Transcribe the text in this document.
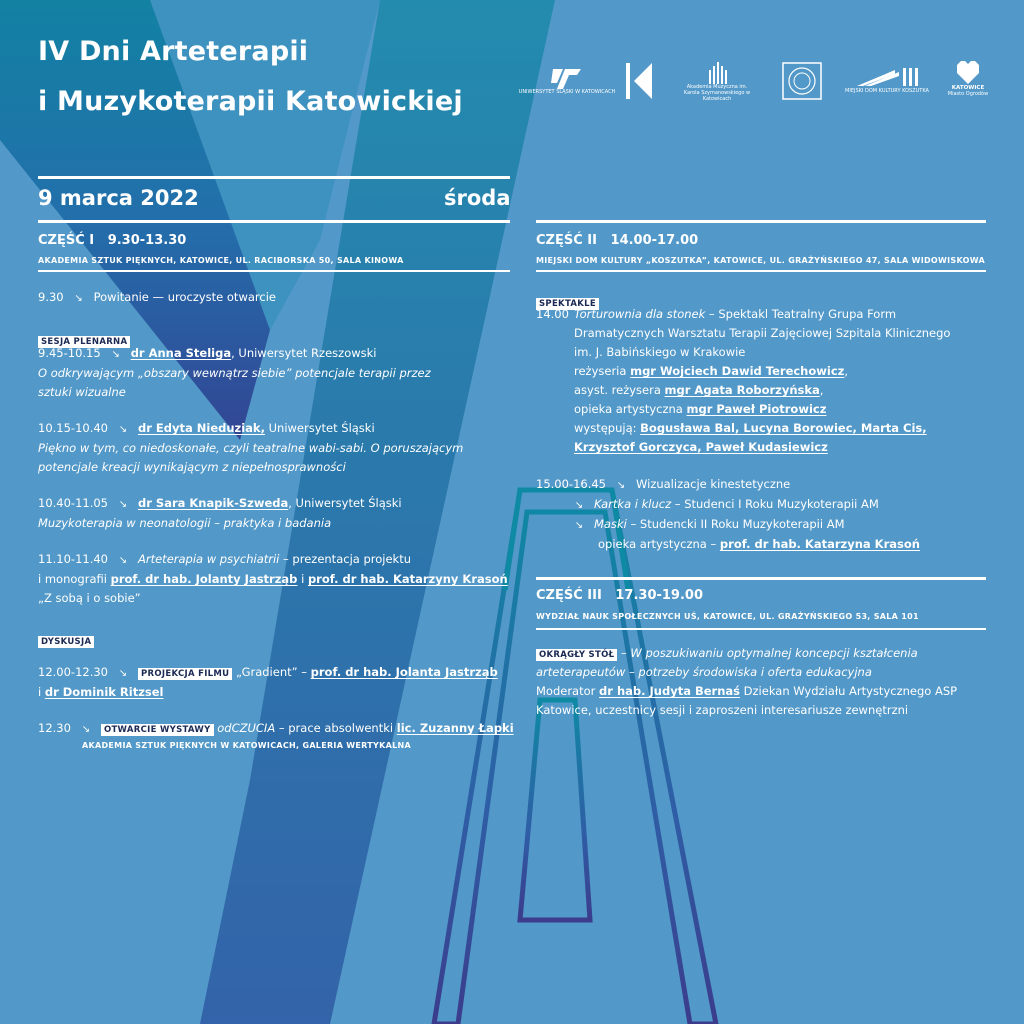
IV Dni Arteterapii
i Muzykoterapii Katowickiej	UNIWERSYTET ŚLĄSKI W KATOWICACH
Akademia Muzyczna im. Karola Szymanowskiego w Katowicach
MIEJSKI DOM KULTURY KOSZUTKA	KATOWICE
Miasto Ogrodów
9 marca 2022	środa
CZĘŚĆ I 9.30-13.30
AKADEMIA SZTUK PIĘKNYCH, KATOWICE, UL. RACIBORSKA 50, SALA KINOWA
9.30 ↘ Powitanie — uroczyste otwarcie
SESJA PLENARNA
9.45-10.15 ↘ dr Anna Steliga, Uniwersytet Rzeszowski
O odkrywającym „obszary wewnątrz siebie” potencjale terapii przez
sztuki wizualne
10.15-10.40 ↘ dr Edyta Nieduziak, Uniwersytet Śląski
Piękno w tym, co niedoskonałe, czyli teatralne wabi-sabi. O poruszającym
potencjale kreacji wynikającym z niepełnosprawności
10.40-11.05 ↘ dr Sara Knapik-Szweda, Uniwersytet Śląski
Muzykoterapia w neonatologii – praktyka i badania
11.10-11.40 ↘ Arteterapia w psychiatrii – prezentacja projektu
i monografii prof. dr hab. Jolanty Jastrząb i prof. dr hab. Katarzyny Krasoń
„Z sobą i o sobie”
DYSKUSJA
12.00-12.30 ↘ PROJEKCJA FILMU „Gradient” – prof. dr hab. Jolanta Jastrząb
i dr Dominik Ritzsel
12.30 ↘ OTWARCIE WYSTAWY odCZUCIA – prace absolwentki lic. Zuzanny Łapki
AKADEMIA SZTUK PIĘKNYCH W KATOWICACH, GALERIA WERTYKALNA
CZĘŚĆ II 14.00-17.00
MIEJSKI DOM KULTURY „KOSZUTKA”, KATOWICE, UL. GRAŻYŃSKIEGO 47, SALA WIDOWISKOWA
SPEKTAKLE
14.00 Torturownia dla stonek – Spektakl Teatralny Grupa Form
Dramatycznych Warsztatu Terapii Zajęciowej Szpitala Klinicznego
im. J. Babińskiego w Krakowie
reżyseria mgr Wojciech Dawid Terechowicz,
asyst. reżysera mgr Agata Roborzyńska,
opieka artystyczna mgr Paweł Piotrowicz
występują: Bogusława Bal, Lucyna Borowiec, Marta Cis,
Krzysztof Gorczyca, Paweł Kudasiewicz
15.00-16.45 ↘ Wizualizacje kinestetyczne
↘ Kartka i klucz – Studenci I Roku Muzykoterapii AM
↘ Maski – Studencki II Roku Muzykoterapii AM
opieka artystyczna – prof. dr hab. Katarzyna Krasoń
CZĘŚĆ III 17.30-19.00
WYDZIAŁ NAUK SPOŁECZNYCH UŚ, KATOWICE, UL. GRAŻYŃSKIEGO 53, SALA 101
OKRĄGŁY STÓŁ – W poszukiwaniu optymalnej koncepcji kształcenia
arteterapeutów – potrzeby środowiska i oferta edukacyjna
Moderator dr hab. Judyta Bernaś Dziekan Wydziału Artystycznego ASP
Katowice, uczestnicy sesji i zaproszeni interesariusze zewnętrzni
